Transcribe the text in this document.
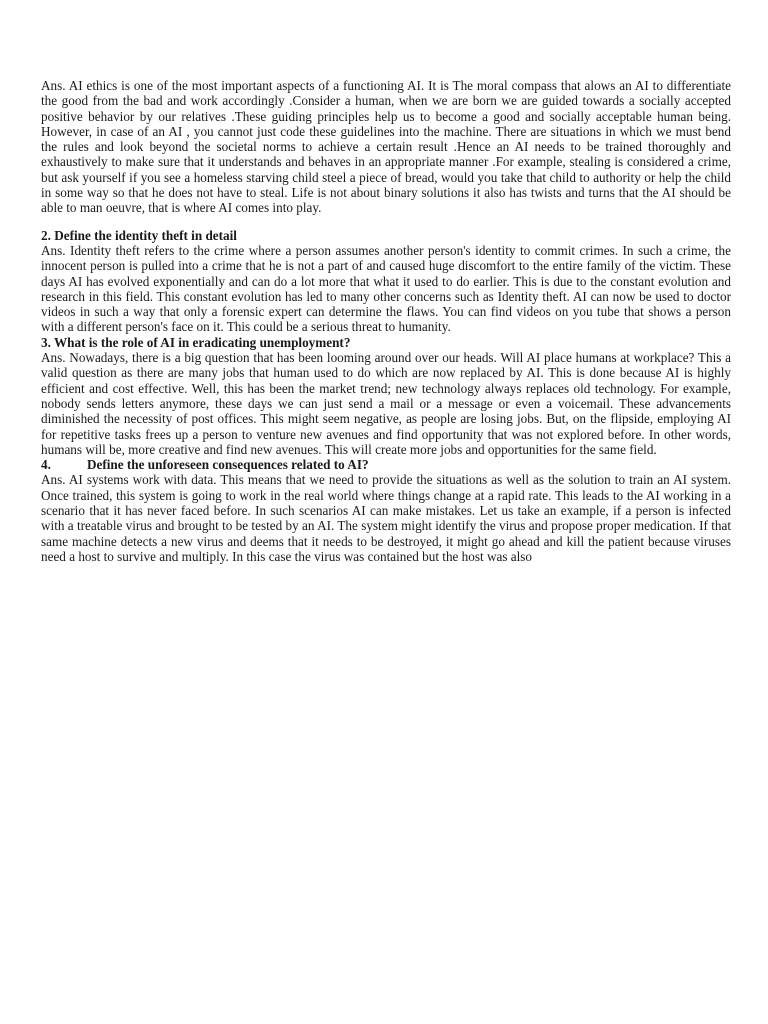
Ans. AI ethics is one of the most important aspects of a functioning AI. It is The moral compass that alows an AI to differentiate the good from the bad and work accordingly .Consider a human, when we are born we are guided towards a socially accepted positive behavior by our relatives .These guiding principles help us to become a good and socially acceptable human being. However, in case of an AI , you cannot just code these guidelines into the machine. There are situations in which we must bend the rules and look beyond the societal norms to achieve a certain result .Hence an AI needs to be trained thoroughly and exhaustively to make sure that it understands and behaves in an appropriate manner .For example, stealing is considered a crime, but ask yourself if you see a homeless starving child steel a piece of bread, would you take that child to authority or help the child in some way so that he does not have to steal. Life is not about binary solutions it also has twists and turns that the AI should be able to man oeuvre, that is where AI comes into play.

2. Define the identity theft in detail

Ans. Identity theft refers to the crime where a person assumes another person's identity to commit crimes. In such a crime, the innocent person is pulled into a crime that he is not a part of and caused huge discomfort to the entire family of the victim. These days AI has evolved exponentially and can do a lot more that what it used to do earlier. This is due to the constant evolution and research in this field. This constant evolution has led to many other concerns such as Identity theft. AI can now be used to doctor videos in such a way that only a forensic expert can determine the flaws. You can find videos on you tube that shows a person with a different person's face on it. This could be a serious threat to humanity.

3. What is the role of AI in eradicating unemployment?

Ans. Nowadays, there is a big question that has been looming around over our heads. Will AI place humans at workplace? This a valid question as there are many jobs that human used to do which are now replaced by AI. This is done because AI is highly efficient and cost effective. Well, this has been the market trend; new technology always replaces old technology. For example, nobody sends letters anymore, these days we can just send a mail or a message or even a voicemail. These advancements diminished the necessity of post offices. This might seem negative, as people are losing jobs. But, on the flipside, employing AI for repetitive tasks frees up a person to venture new avenues and find opportunity that was not explored before. In other words, humans will be, more creative and find new avenues. This will create more jobs and opportunities for the same field.

4.	Define the unforeseen consequences related to AI?

Ans. AI systems work with data. This means that we need to provide the situations as well as the solution to train an AI system. Once trained, this system is going to work in the real world where things change at a rapid rate. This leads to the AI working in a scenario that it has never faced before. In such scenarios AI can make mistakes. Let us take an example, if a person is infected with a treatable virus and brought to be tested by an AI. The system might identify the virus and propose proper medication. If that same machine detects a new virus and deems that it needs to be destroyed, it might go ahead and kill the patient because viruses need a host to survive and multiply. In this case the virus was contained but the host was also
